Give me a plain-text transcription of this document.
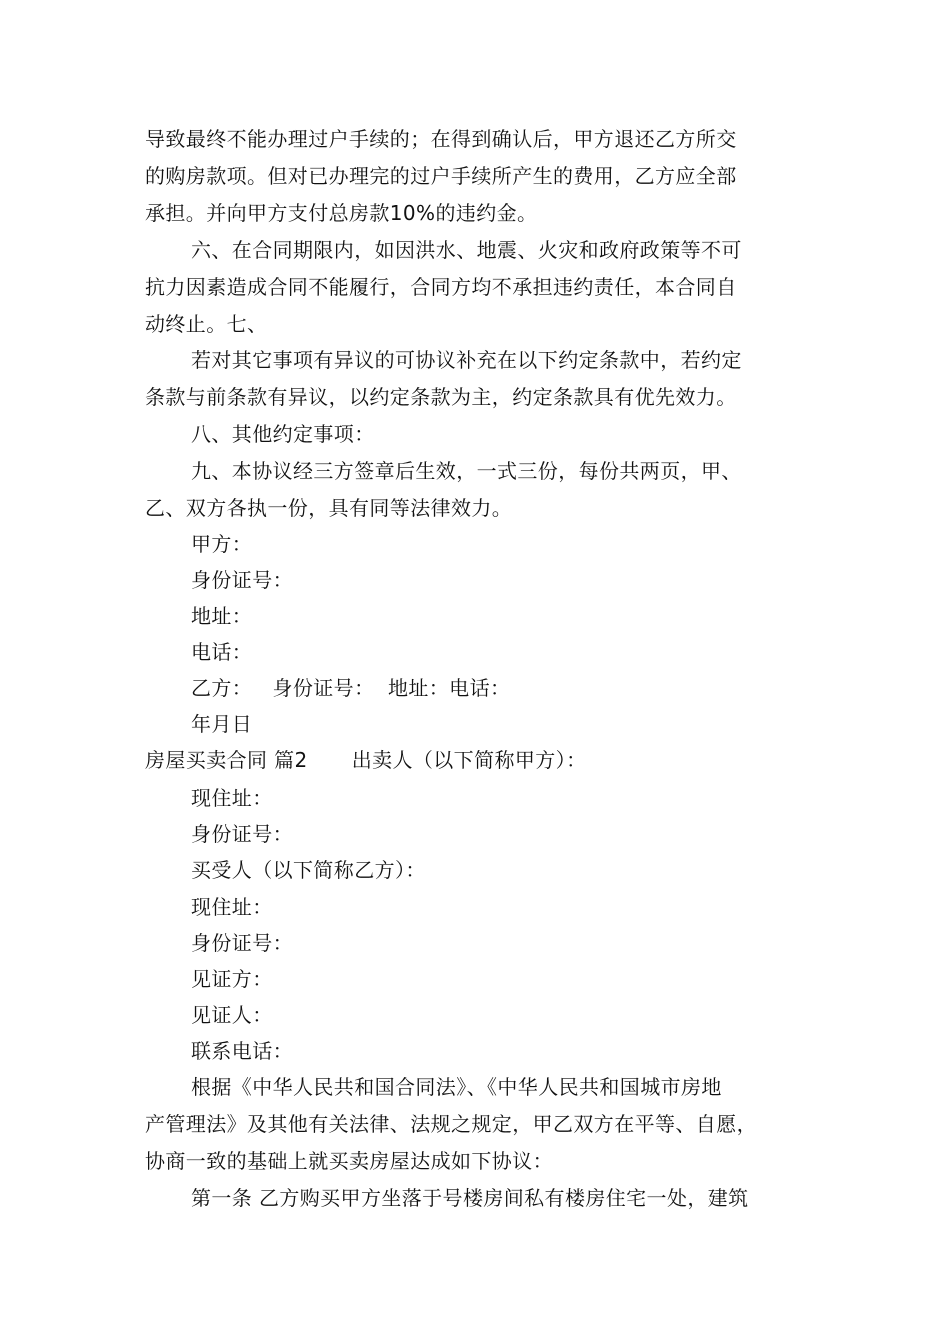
导致最终不能办理过户手续的；在得到确认后，甲方退还乙方所交
的购房款项。但对已办理完的过户手续所产生的费用，乙方应全部
承担。并向甲方支付总房款10%的违约金。

六、在合同期限内，如因洪水、地震、火灾和政府政策等不可
抗力因素造成合同不能履行，合同方均不承担违约责任，本合同自
动终止。七、

若对其它事项有异议的可协议补充在以下约定条款中，若约定
条款与前条款有异议，以约定条款为主，约定条款具有优先效力。

八、其他约定事项：

九、本协议经三方签章后生效，一式三份，每份共两页，甲、
乙、双方各执一份，具有同等法律效力。

甲方：

身份证号：

地址：

电话：

乙方：   身份证号：  地址：电话：

年月日

房屋买卖合同 篇2 出卖人（以下简称甲方）：

现住址：

身份证号：

买受人（以下简称乙方）：

现住址：

身份证号：

见证方：

见证人：

联系电话：

根据《中华人民共和国合同法》、《中华人民共和国城市房地
产管理法》及其他有关法律、法规之规定，甲乙双方在平等、自愿，
协商一致的基础上就买卖房屋达成如下协议：

第一条 乙方购买甲方坐落于号楼房间私有楼房住宅一处，建筑
